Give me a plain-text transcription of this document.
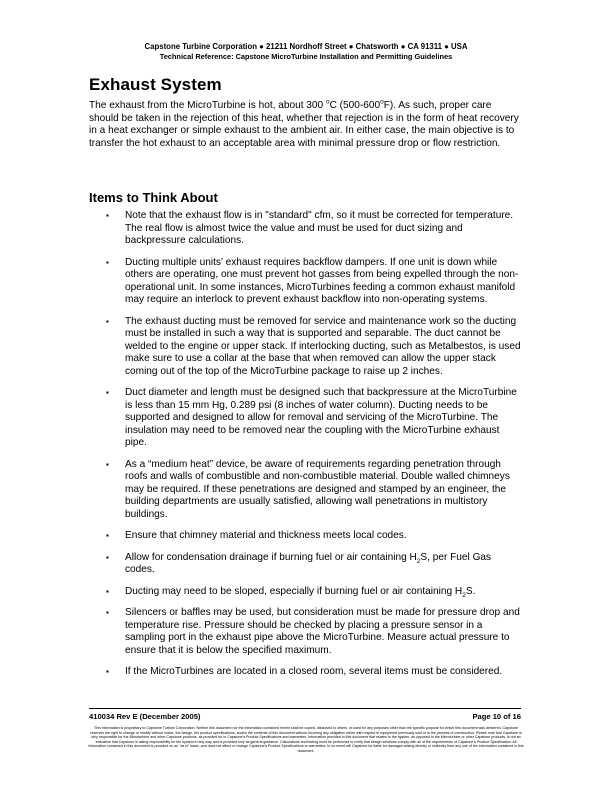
Capstone Turbine Corporation ● 21211 Nordhoff Street ● Chatsworth ● CA 91311 ● USA
Technical Reference: Capstone MicroTurbine Installation and Permitting Guidelines
Exhaust System

The exhaust from the MicroTurbine is hot, about 300 $^o$C (500-600$^o$F). As such, proper care should be taken in the rejection of this heat, whether that rejection is in the form of heat recovery in a heat exchanger or simple exhaust to the ambient air. In either case, the main objective is to transfer the hot exhaust to an acceptable area with minimal pressure drop or flow restriction.

Items to Think About
▪ Note that the exhaust flow is in "standard" cfm, so it must be corrected for temperature. The real flow is almost twice the value and must be used for duct sizing and backpressure calculations.
▪ Ducting multiple units’ exhaust requires backflow dampers. If one unit is down while others are operating, one must prevent hot gasses from being expelled through the non-operational unit. In some instances, MicroTurbines feeding a common exhaust manifold may require an interlock to prevent exhaust backflow into non-operating systems.
▪ The exhaust ducting must be removed for service and maintenance work so the ducting must be installed in such a way that is supported and separable. The duct cannot be welded to the engine or upper stack. If interlocking ducting, such as Metalbestos, is used make sure to use a collar at the base that when removed can allow the upper stack coming out of the top of the MicroTurbine package to raise up 2 inches.
▪ Duct diameter and length must be designed such that backpressure at the MicroTurbine is less than 15 mm Hg, 0.289 psi (8 inches of water column). Ducting needs to be supported and designed to allow for removal and servicing of the MicroTurbine. The insulation may need to be removed near the coupling with the MicroTurbine exhaust pipe.
▪ As a “medium heat” device, be aware of requirements regarding penetration through roofs and walls of combustible and non-combustible material. Double walled chimneys may be required. If these penetrations are designed and stamped by an engineer, the building departments are usually satisfied, allowing wall penetrations in multistory buildings.
▪ Ensure that chimney material and thickness meets local codes.
▪ Allow for condensation drainage if burning fuel or air containing $H_2S$, per Fuel Gas codes.
▪ Ducting may need to be sloped, especially if burning fuel or air containing $H_2S$.
▪ Silencers or baffles may be used, but consideration must be made for pressure drop and temperature rise. Pressure should be checked by placing a pressure sensor in a sampling port in the exhaust pipe above the MicroTurbine. Measure actual pressure to ensure that it is below the specified maximum.
▪ If the MicroTurbines are located in a closed room, several items must be considered.
410034 Rev E (December 2005)	Page 10 of 16

This information is proprietary to Capstone Turbine Corporation. Neither this document nor the information contained herein shall be copied, disclosed to others, or used for any purposes other than the specific purpose for which this document was delivered. Capstone reserves the right to change or modify without notice, the design, the product specifications, and/or the contents of this document without incurring any obligation either with respect to equipment previously sold or in the process of construction. Please note that Capstone is only responsible for the Microturbine and other Capstone products, as provided for in Capstone's Product Specifications and warranties. Information provided in this document that relates to the system, as opposed to the Microturbine or other Capstone products, is not an indication that Capstone is taking responsibility for the system in any way and is provided only as general guidance. Calculations and testing must be performed to verify that design solutions comply with all of the requirements of Capstone's Product Specification. All information contained in this document is provided on an "as is" basis, and does not affect or change Capstone's Product Specifications or warranties. In no event will Capstone be liable for damages arising directly or indirectly from any use of the information contained in this document.
